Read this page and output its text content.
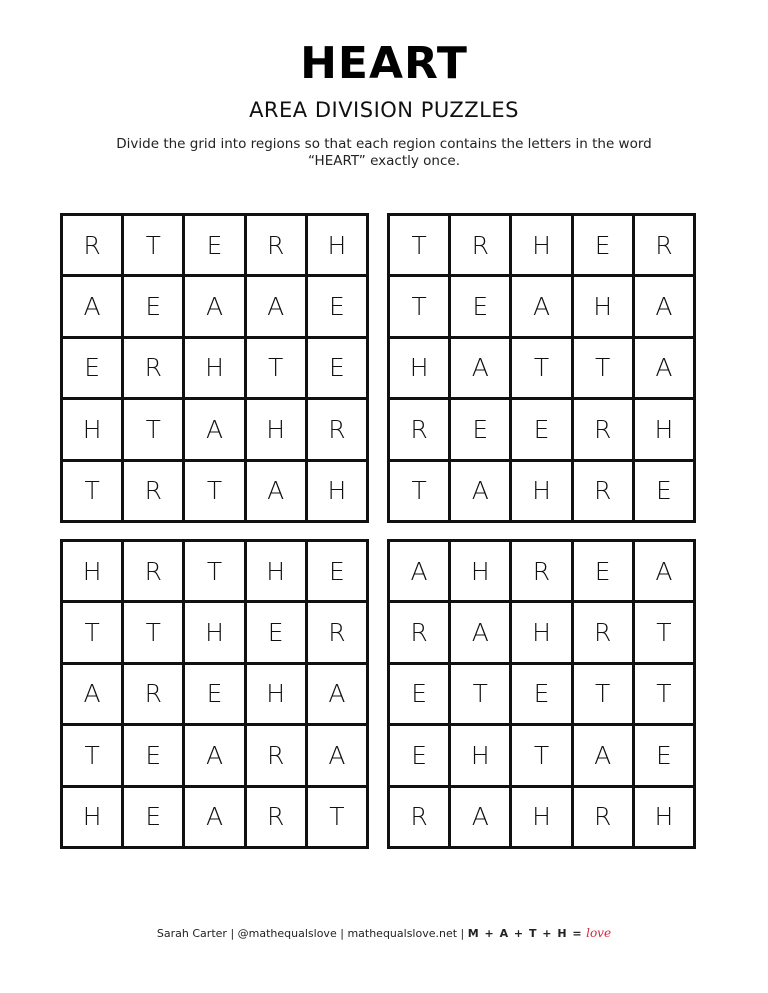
HEART
AREA DIVISION PUZZLES
Divide the grid into regions so that each region contains the letters in the word “HEART” exactly once.
R	T	E	R	H
A	E	A	A	E
E	R	H	T	E
H	T	A	H	R
T	R	T	A	H
T	R	H	E	R
T	E	A	H	A
H	A	T	T	A
R	E	E	R	H
T	A	H	R	E
H	R	T	H	E
T	T	H	E	R
A	R	E	H	A
T	E	A	R	A
H	E	A	R	T
A	H	R	E	A
R	A	H	R	T
E	T	E	T	T
E	H	T	A	E
R	A	H	R	H
Sarah Carter | @mathequalslove | mathequalslove.net | M + A + T + H = love
